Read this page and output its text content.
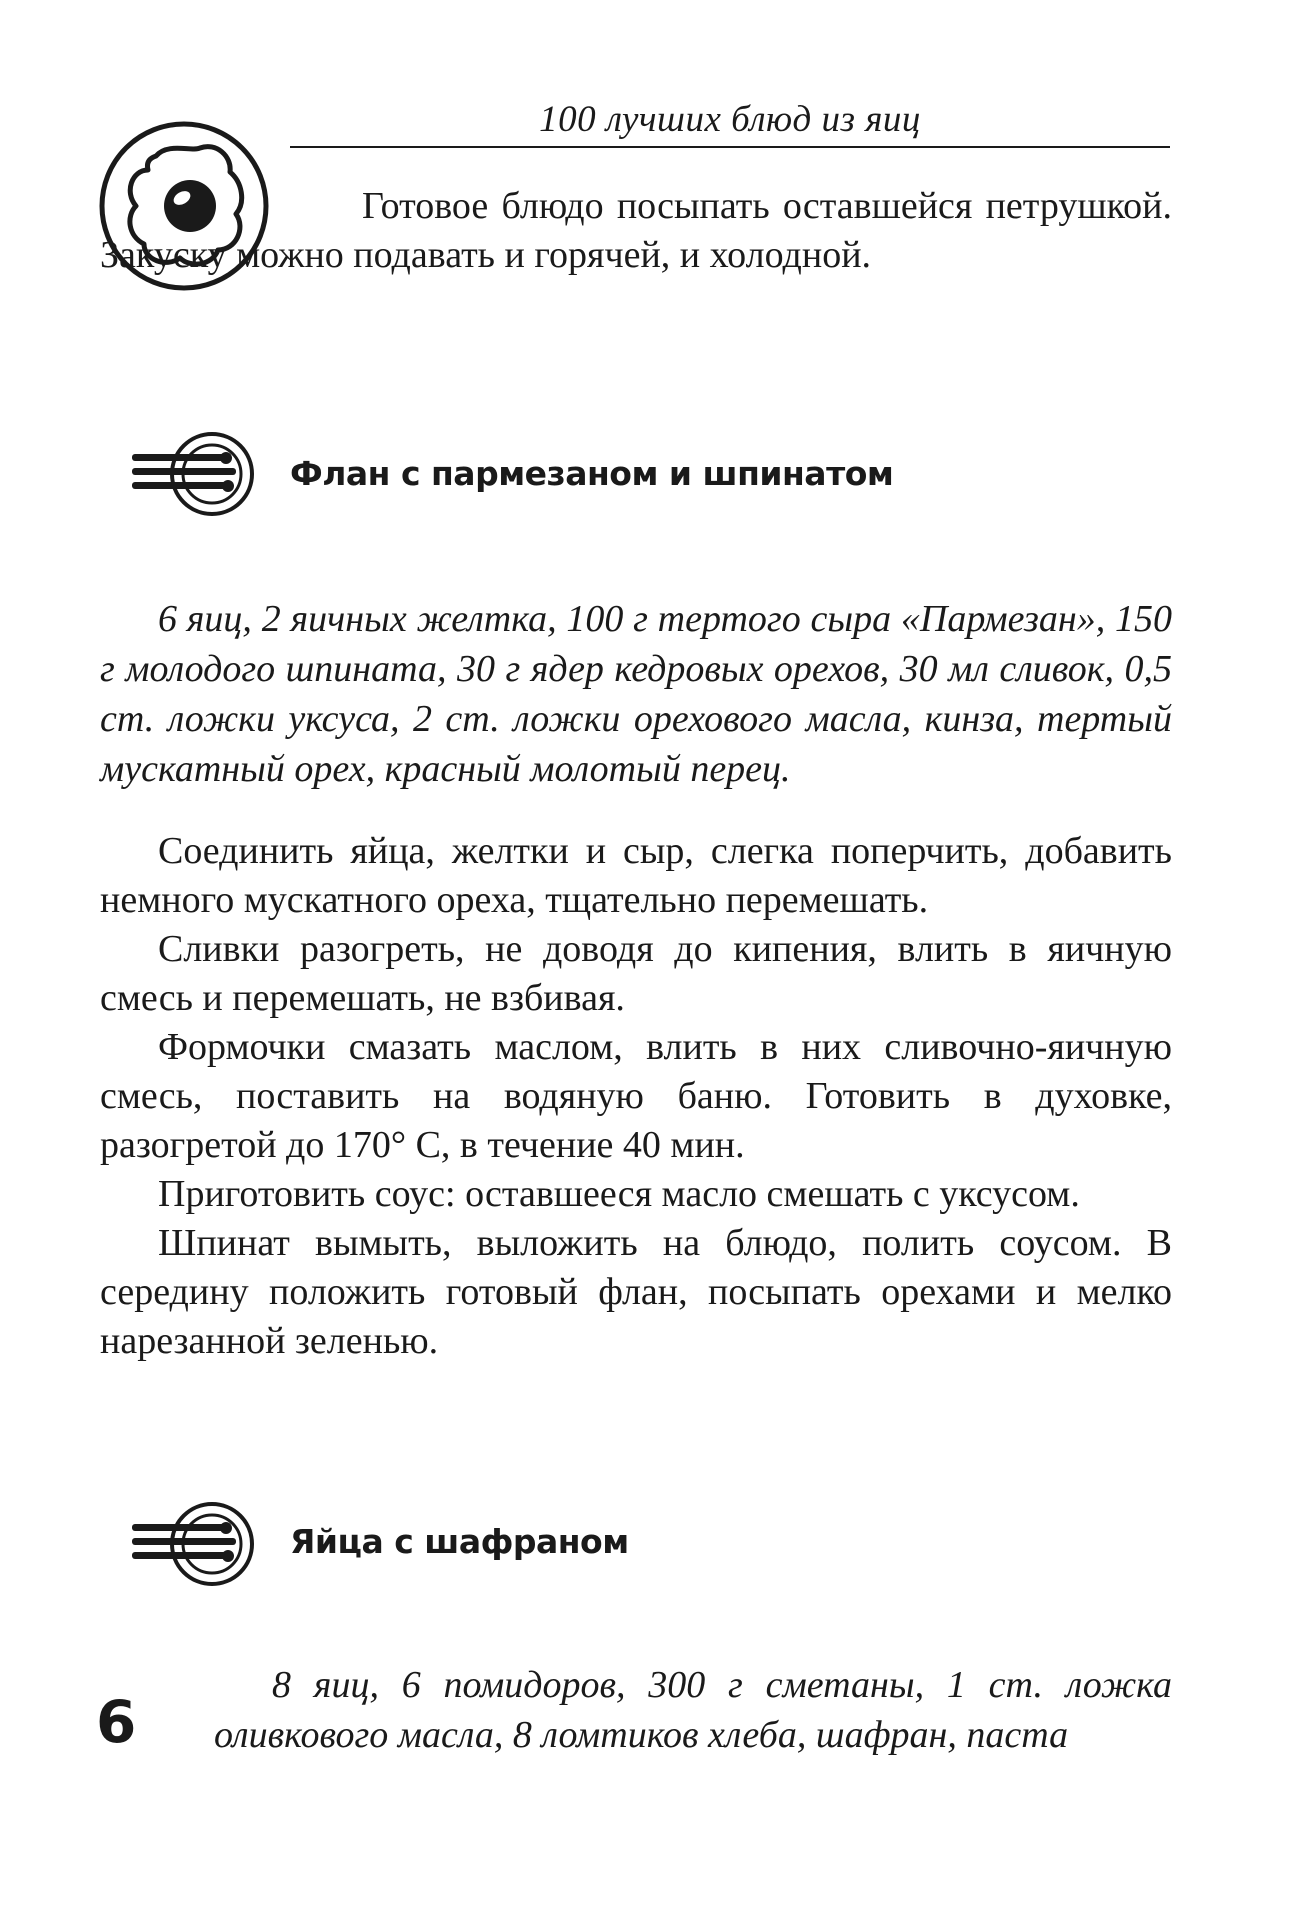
100 лучших блюд из яиц
Готовое блюдо посыпать оставшейся петрушкой. Закуску можно подавать и горячей, и холодной.
Флан с пармезаном и шпинатом
6 яиц, 2 яичных желтка, 100 г тертого сыра «Пармезан», 150 г молодого шпината, 30 г ядер кедровых орехов, 30 мл сливок, 0,5 ст. ложки уксуса, 2 ст. ложки орехового масла, кинза, тертый мускатный орех, красный молотый перец.

Соединить яйца, желтки и сыр, слегка поперчить, добавить немного мускатного ореха, тщательно перемешать.

Сливки разогреть, не доводя до кипения, влить в яичную смесь и перемешать, не взбивая.

Формочки смазать маслом, влить в них сливочно-яичную смесь, поставить на водяную баню. Готовить в духовке, разогретой до 170° С, в течение 40 мин.

Приготовить соус: оставшееся масло смешать с уксусом.

Шпинат вымыть, выложить на блюдо, полить соусом. В середину положить готовый флан, посыпать орехами и мелко нарезанной зеленью.

Яйца с шафраном
8 яиц, 6 помидоров, 300 г сметаны, 1 ст. ложка оливкового масла, 8 ломтиков хлеба, шафран, паста
6
